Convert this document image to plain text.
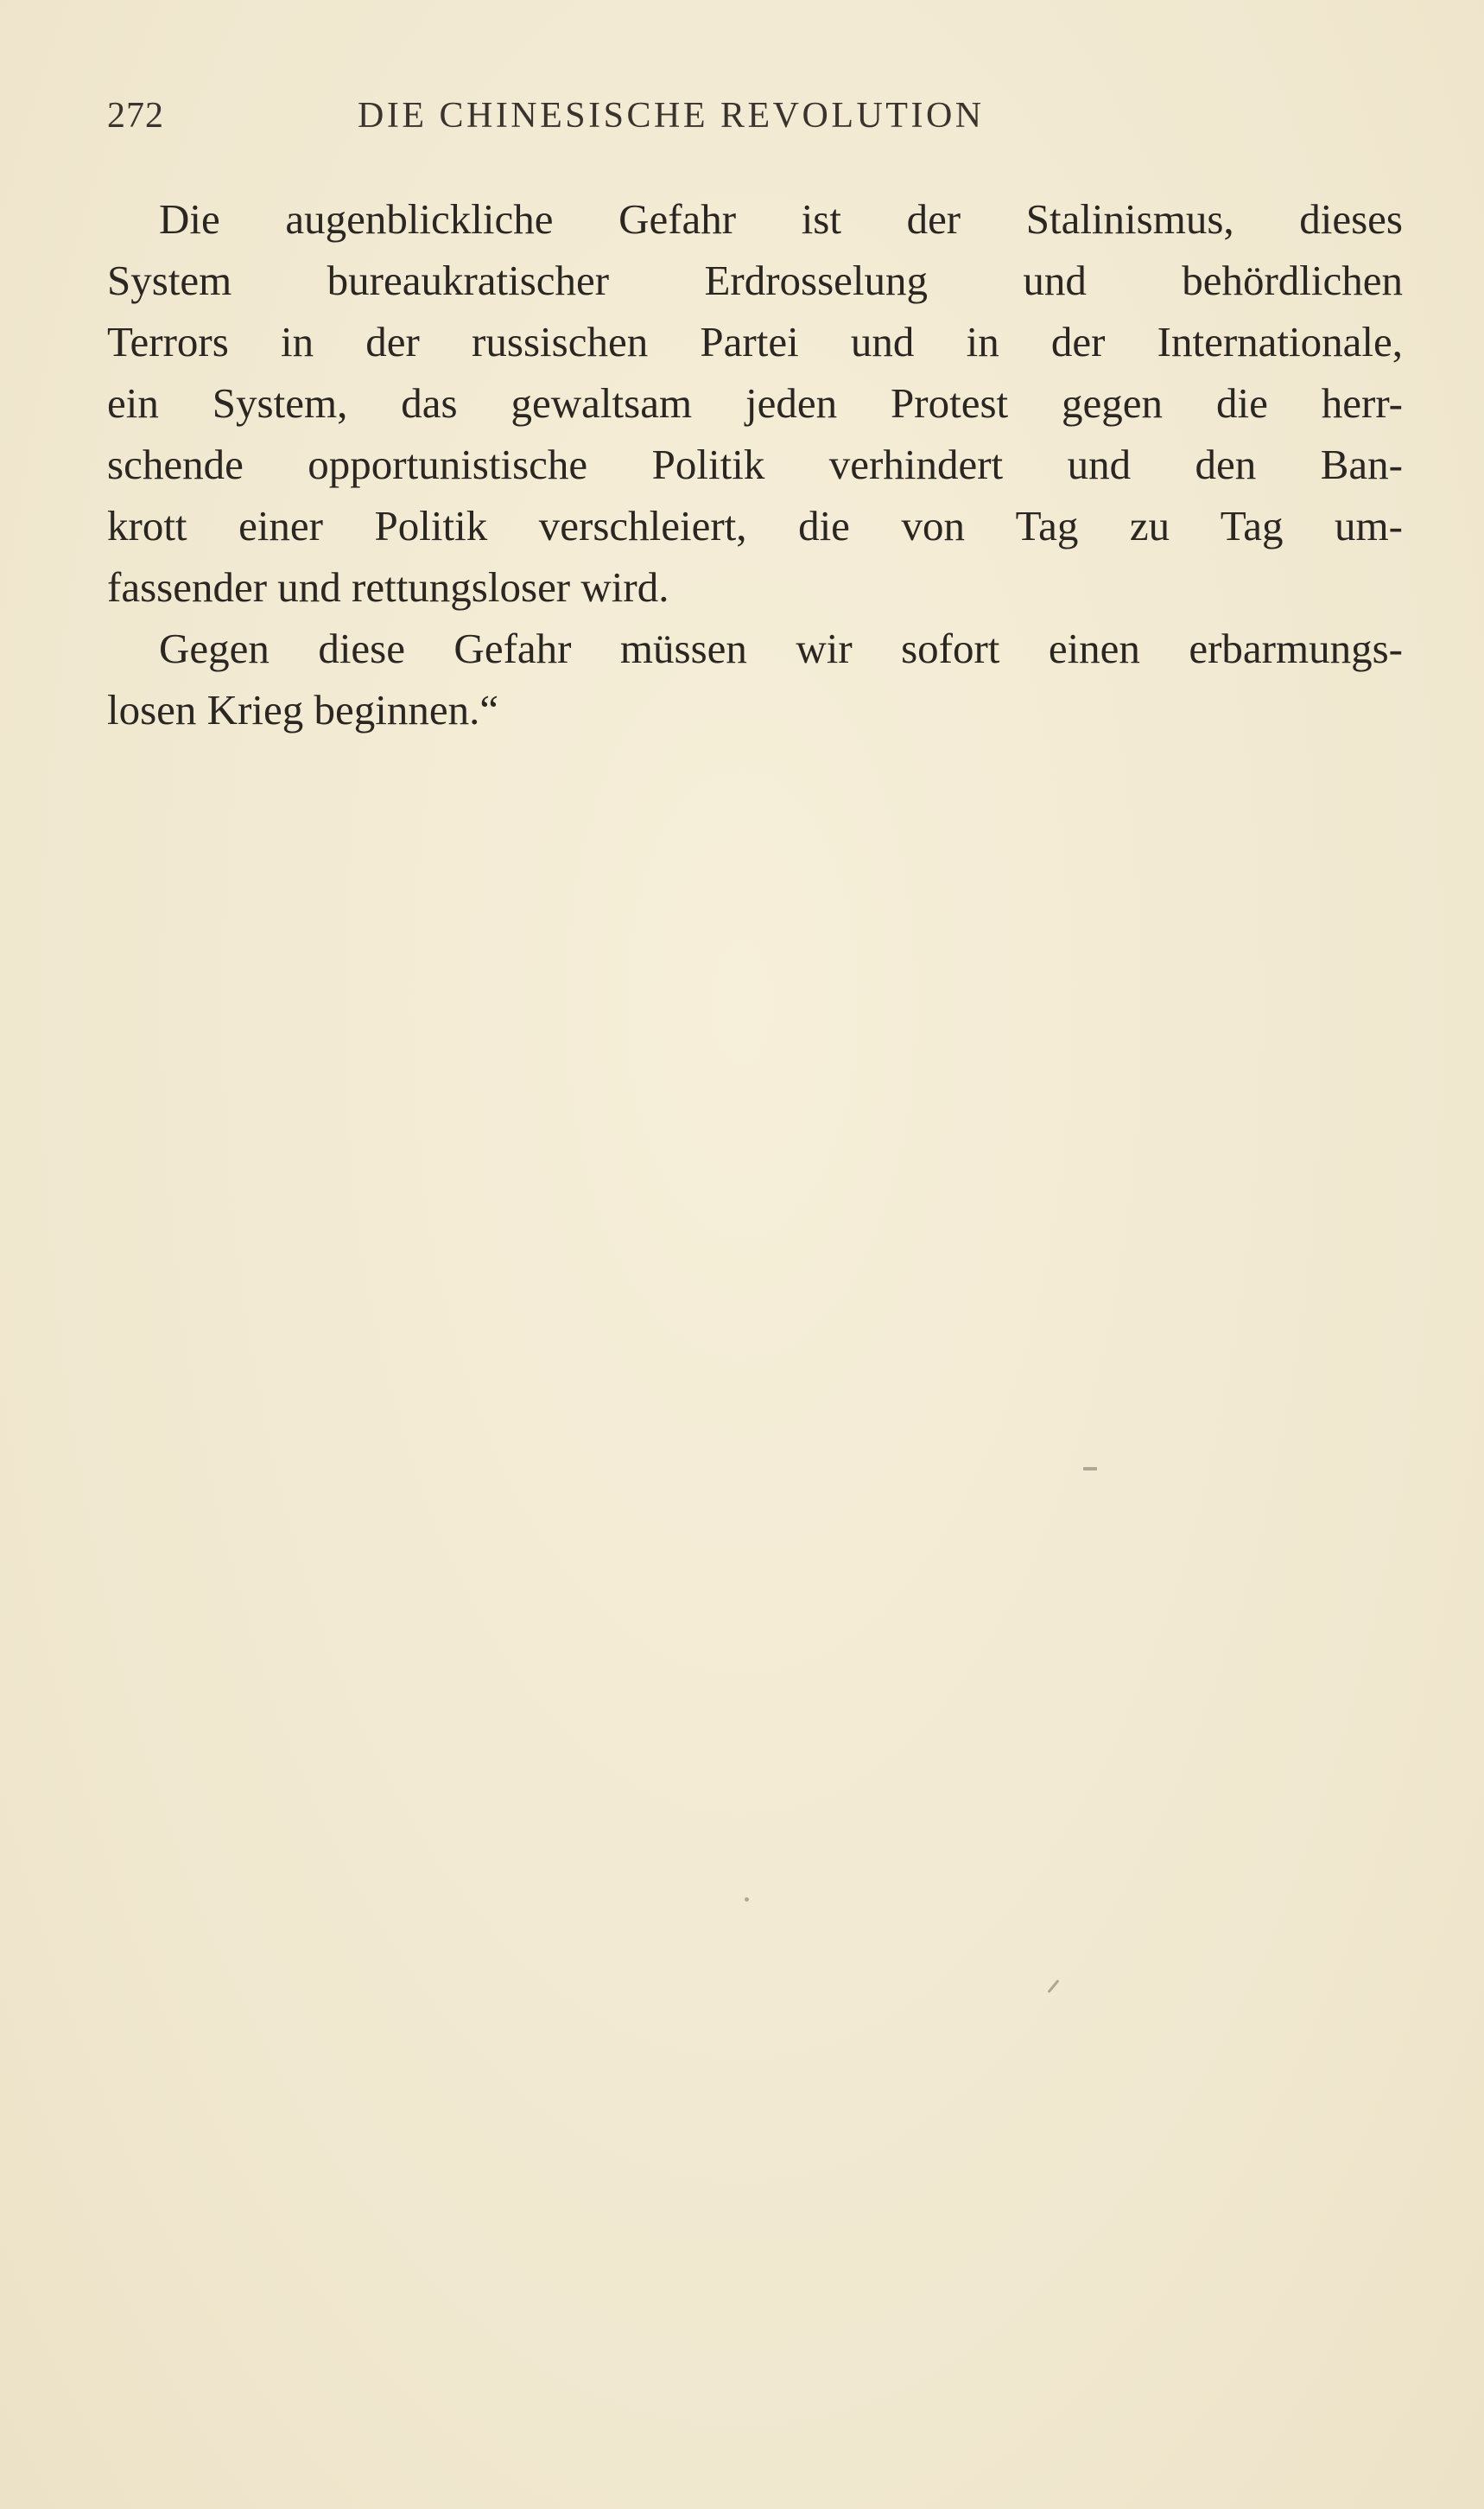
272	DIE CHINESISCHE REVOLUTION

Die augenblickliche Gefahr ist der Stalinismus, dieses

System bureaukratischer Erdrosselung und behördlichen
Terrors in der russischen Partei und in der Internationale,
ein System, das gewaltsam jeden Protest gegen die herr-
schende opportunistische Politik verhindert und den Ban-
krott einer Politik verschleiert, die von Tag zu Tag um-
fassender und rettungsloser wird.

Gegen diese Gefahr müssen wir sofort einen erbarmungs-

losen Krieg beginnen.“
